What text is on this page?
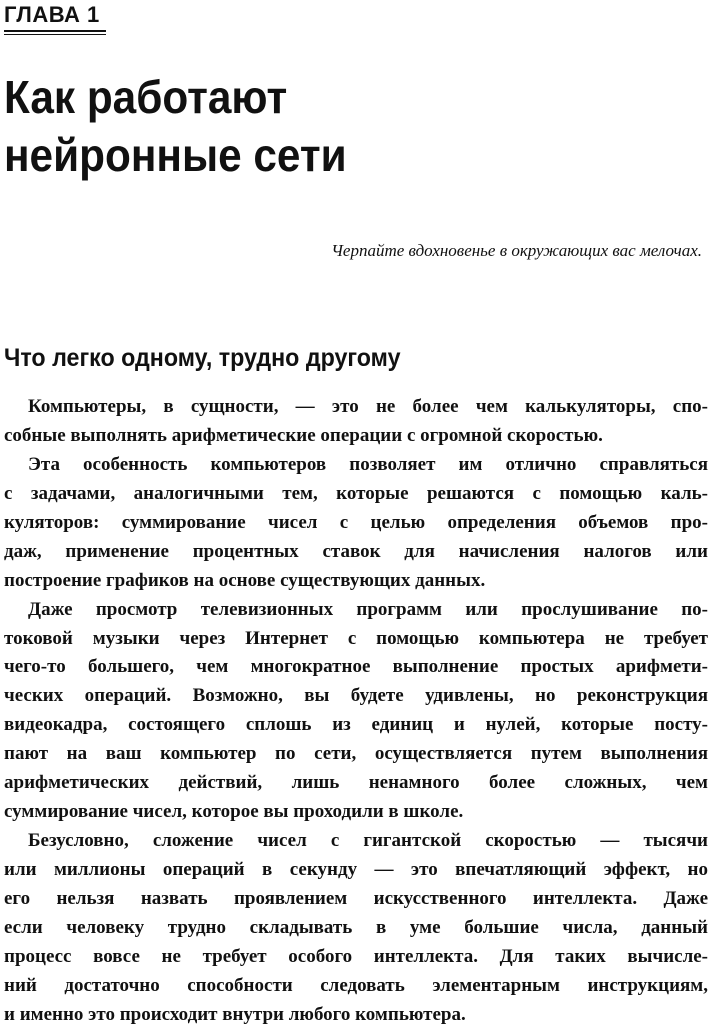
ГЛАВА 1
Как работают
нейронные сети
Черпайте вдохновенье в окружающих вас мелочах.
Что легко одному, трудно другому
Компьютеры, в сущности, — это не более чем калькуляторы, спо-
собные выполнять арифметические операции с огромной скоростью.
Эта особенность компьютеров позволяет им отлично справляться
с задачами, аналогичными тем, которые решаются с помощью каль-
куляторов: суммирование чисел с целью определения объемов про-
даж, применение процентных ставок для начисления налогов или
построение графиков на основе существующих данных.
Даже просмотр телевизионных программ или прослушивание по-
токовой музыки через Интернет с помощью компьютера не требует
чего-то большего, чем многократное выполнение простых арифмети-
ческих операций. Возможно, вы будете удивлены, но реконструкция
видеокадра, состоящего сплошь из единиц и нулей, которые посту-
пают на ваш компьютер по сети, осуществляется путем выполнения
арифметических действий, лишь ненамного более сложных, чем
суммирование чисел, которое вы проходили в школе.
Безусловно, сложение чисел с гигантской скоростью — тысячи
или миллионы операций в секунду — это впечатляющий эффект, но
его нельзя назвать проявлением искусственного интеллекта. Даже
если человеку трудно складывать в уме большие числа, данный
процесс вовсе не требует особого интеллекта. Для таких вычисле-
ний достаточно способности следовать элементарным инструкциям,
и именно это происходит внутри любого компьютера.
